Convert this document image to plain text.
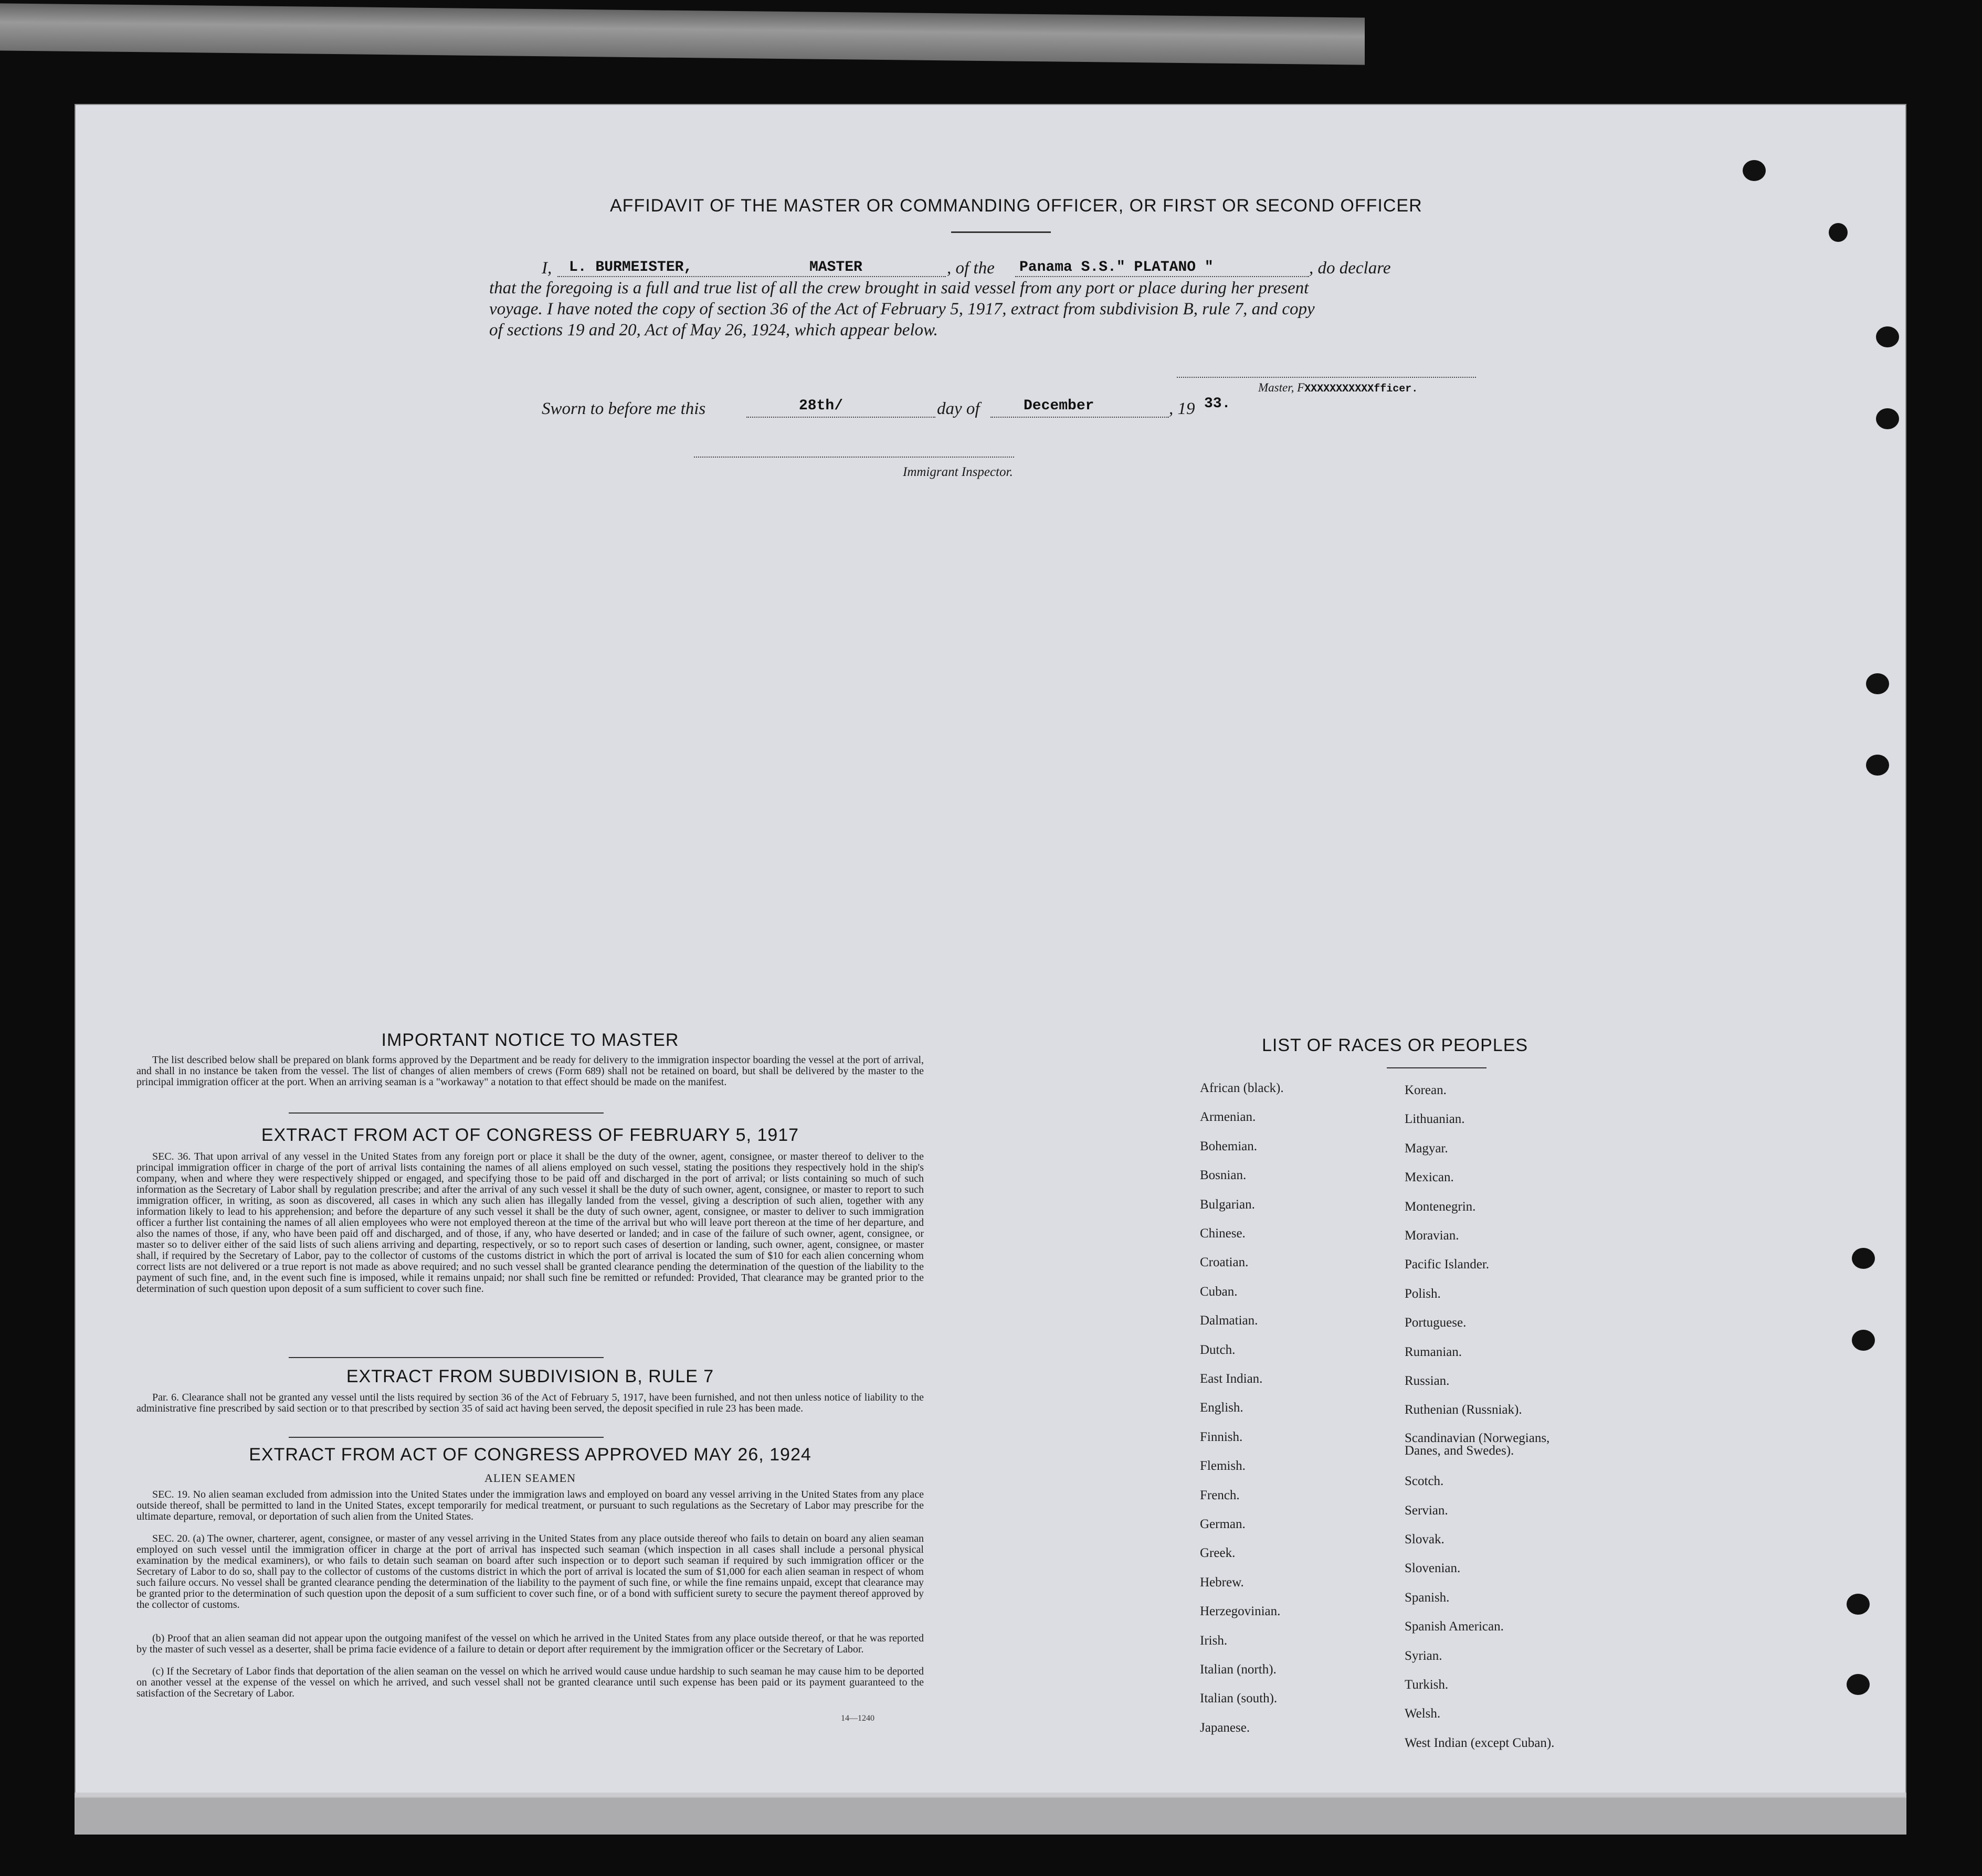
AFFIDAVIT OF THE MASTER OR COMMANDING OFFICER, OR FIRST OR SECOND OFFICER
I, L. BURMEISTER,	MASTER	, of the Panama S.S." PLATANO "	, do declare
that the foregoing is a full and true list of all the crew brought in said vessel from any port or place during her present
voyage. I have noted the copy of section 36 of the Act of February 5, 1917, extract from subdivision B, rule 7, and copy
of sections 19 and 20, Act of May 26, 1924, which appear below.
Master, FXXXXXXXXXXXfficer.
Sworn to before me this	28th/	day of	December	, 19 33.
Immigrant Inspector.
IMPORTANT NOTICE TO MASTER

The list described below shall be prepared on blank forms approved by the Department and be ready for delivery to the immigration inspector boarding the vessel at the port of arrival, and shall in no instance be taken from the vessel. The list of changes of alien members of crews (Form 689) shall not be retained on board, but shall be delivered by the master to the principal immigration officer at the port. When an arriving seaman is a "workaway" a notation to that effect should be made on the manifest.

EXTRACT FROM ACT OF CONGRESS OF FEBRUARY 5, 1917

SEC. 36. That upon arrival of any vessel in the United States from any foreign port or place it shall be the duty of the owner, agent, consignee, or master thereof to deliver to the principal immigration officer in charge of the port of arrival lists containing the names of all aliens employed on such vessel, stating the positions they respectively hold in the ship's company, when and where they were respectively shipped or engaged, and specifying those to be paid off and discharged in the port of arrival; or lists containing so much of such information as the Secretary of Labor shall by regulation prescribe; and after the arrival of any such vessel it shall be the duty of such owner, agent, consignee, or master to report to such immigration officer, in writing, as soon as discovered, all cases in which any such alien has illegally landed from the vessel, giving a description of such alien, together with any information likely to lead to his apprehension; and before the departure of any such vessel it shall be the duty of such owner, agent, consignee, or master to deliver to such immigration officer a further list containing the names of all alien employees who were not employed thereon at the time of the arrival but who will leave port thereon at the time of her departure, and also the names of those, if any, who have been paid off and discharged, and of those, if any, who have deserted or landed; and in case of the failure of such owner, agent, consignee, or master so to deliver either of the said lists of such aliens arriving and departing, respectively, or so to report such cases of desertion or landing, such owner, agent, consignee, or master shall, if required by the Secretary of Labor, pay to the collector of customs of the customs district in which the port of arrival is located the sum of $10 for each alien concerning whom correct lists are not delivered or a true report is not made as above required; and no such vessel shall be granted clearance pending the determination of the question of the liability to the payment of such fine, and, in the event such fine is imposed, while it remains unpaid; nor shall such fine be remitted or refunded: Provided, That clearance may be granted prior to the determination of such question upon deposit of a sum sufficient to cover such fine.

EXTRACT FROM SUBDIVISION B, RULE 7

Par. 6. Clearance shall not be granted any vessel until the lists required by section 36 of the Act of February 5, 1917, have been furnished, and not then unless notice of liability to the administrative fine prescribed by said section or to that prescribed by section 35 of said act having been served, the deposit specified in rule 23 has been made.

EXTRACT FROM ACT OF CONGRESS APPROVED MAY 26, 1924
ALIEN SEAMEN

SEC. 19. No alien seaman excluded from admission into the United States under the immigration laws and employed on board any vessel arriving in the United States from any place outside thereof, shall be permitted to land in the United States, except temporarily for medical treatment, or pursuant to such regulations as the Secretary of Labor may prescribe for the ultimate departure, removal, or deportation of such alien from the United States.

SEC. 20. (a) The owner, charterer, agent, consignee, or master of any vessel arriving in the United States from any place outside thereof who fails to detain on board any alien seaman employed on such vessel until the immigration officer in charge at the port of arrival has inspected such seaman (which inspection in all cases shall include a personal physical examination by the medical examiners), or who fails to detain such seaman on board after such inspection or to deport such seaman if required by such immigration officer or the Secretary of Labor to do so, shall pay to the collector of customs of the customs district in which the port of arrival is located the sum of $1,000 for each alien seaman in respect of whom such failure occurs. No vessel shall be granted clearance pending the determination of the liability to the payment of such fine, or while the fine remains unpaid, except that clearance may be granted prior to the determination of such question upon the deposit of a sum sufficient to cover such fine, or of a bond with sufficient surety to secure the payment thereof approved by the collector of customs.

(b) Proof that an alien seaman did not appear upon the outgoing manifest of the vessel on which he arrived in the United States from any place outside thereof, or that he was reported by the master of such vessel as a deserter, shall be prima facie evidence of a failure to detain or deport after requirement by the immigration officer or the Secretary of Labor.

(c) If the Secretary of Labor finds that deportation of the alien seaman on the vessel on which he arrived would cause undue hardship to such seaman he may cause him to be deported on another vessel at the expense of the vessel on which he arrived, and such vessel shall not be granted clearance until such expense has been paid or its payment guaranteed to the satisfaction of the Secretary of Labor.

14—1240
LIST OF RACES OR PEOPLES
African (black).
Armenian.
Bohemian.
Bosnian.
Bulgarian.
Chinese.
Croatian.
Cuban.
Dalmatian.
Dutch.
East Indian.
English.
Finnish.
Flemish.
French.
German.
Greek.
Hebrew.
Herzegovinian.
Irish.
Italian (north).
Italian (south).
Japanese.
Korean.
Lithuanian.
Magyar.
Mexican.
Montenegrin.
Moravian.
Pacific Islander.
Polish.
Portuguese.
Rumanian.
Russian.
Ruthenian (Russniak).
Scandinavian (Norwegians, Danes, and Swedes).
Scotch.
Servian.
Slovak.
Slovenian.
Spanish.
Spanish American.
Syrian.
Turkish.
Welsh.
West Indian (except Cuban).
